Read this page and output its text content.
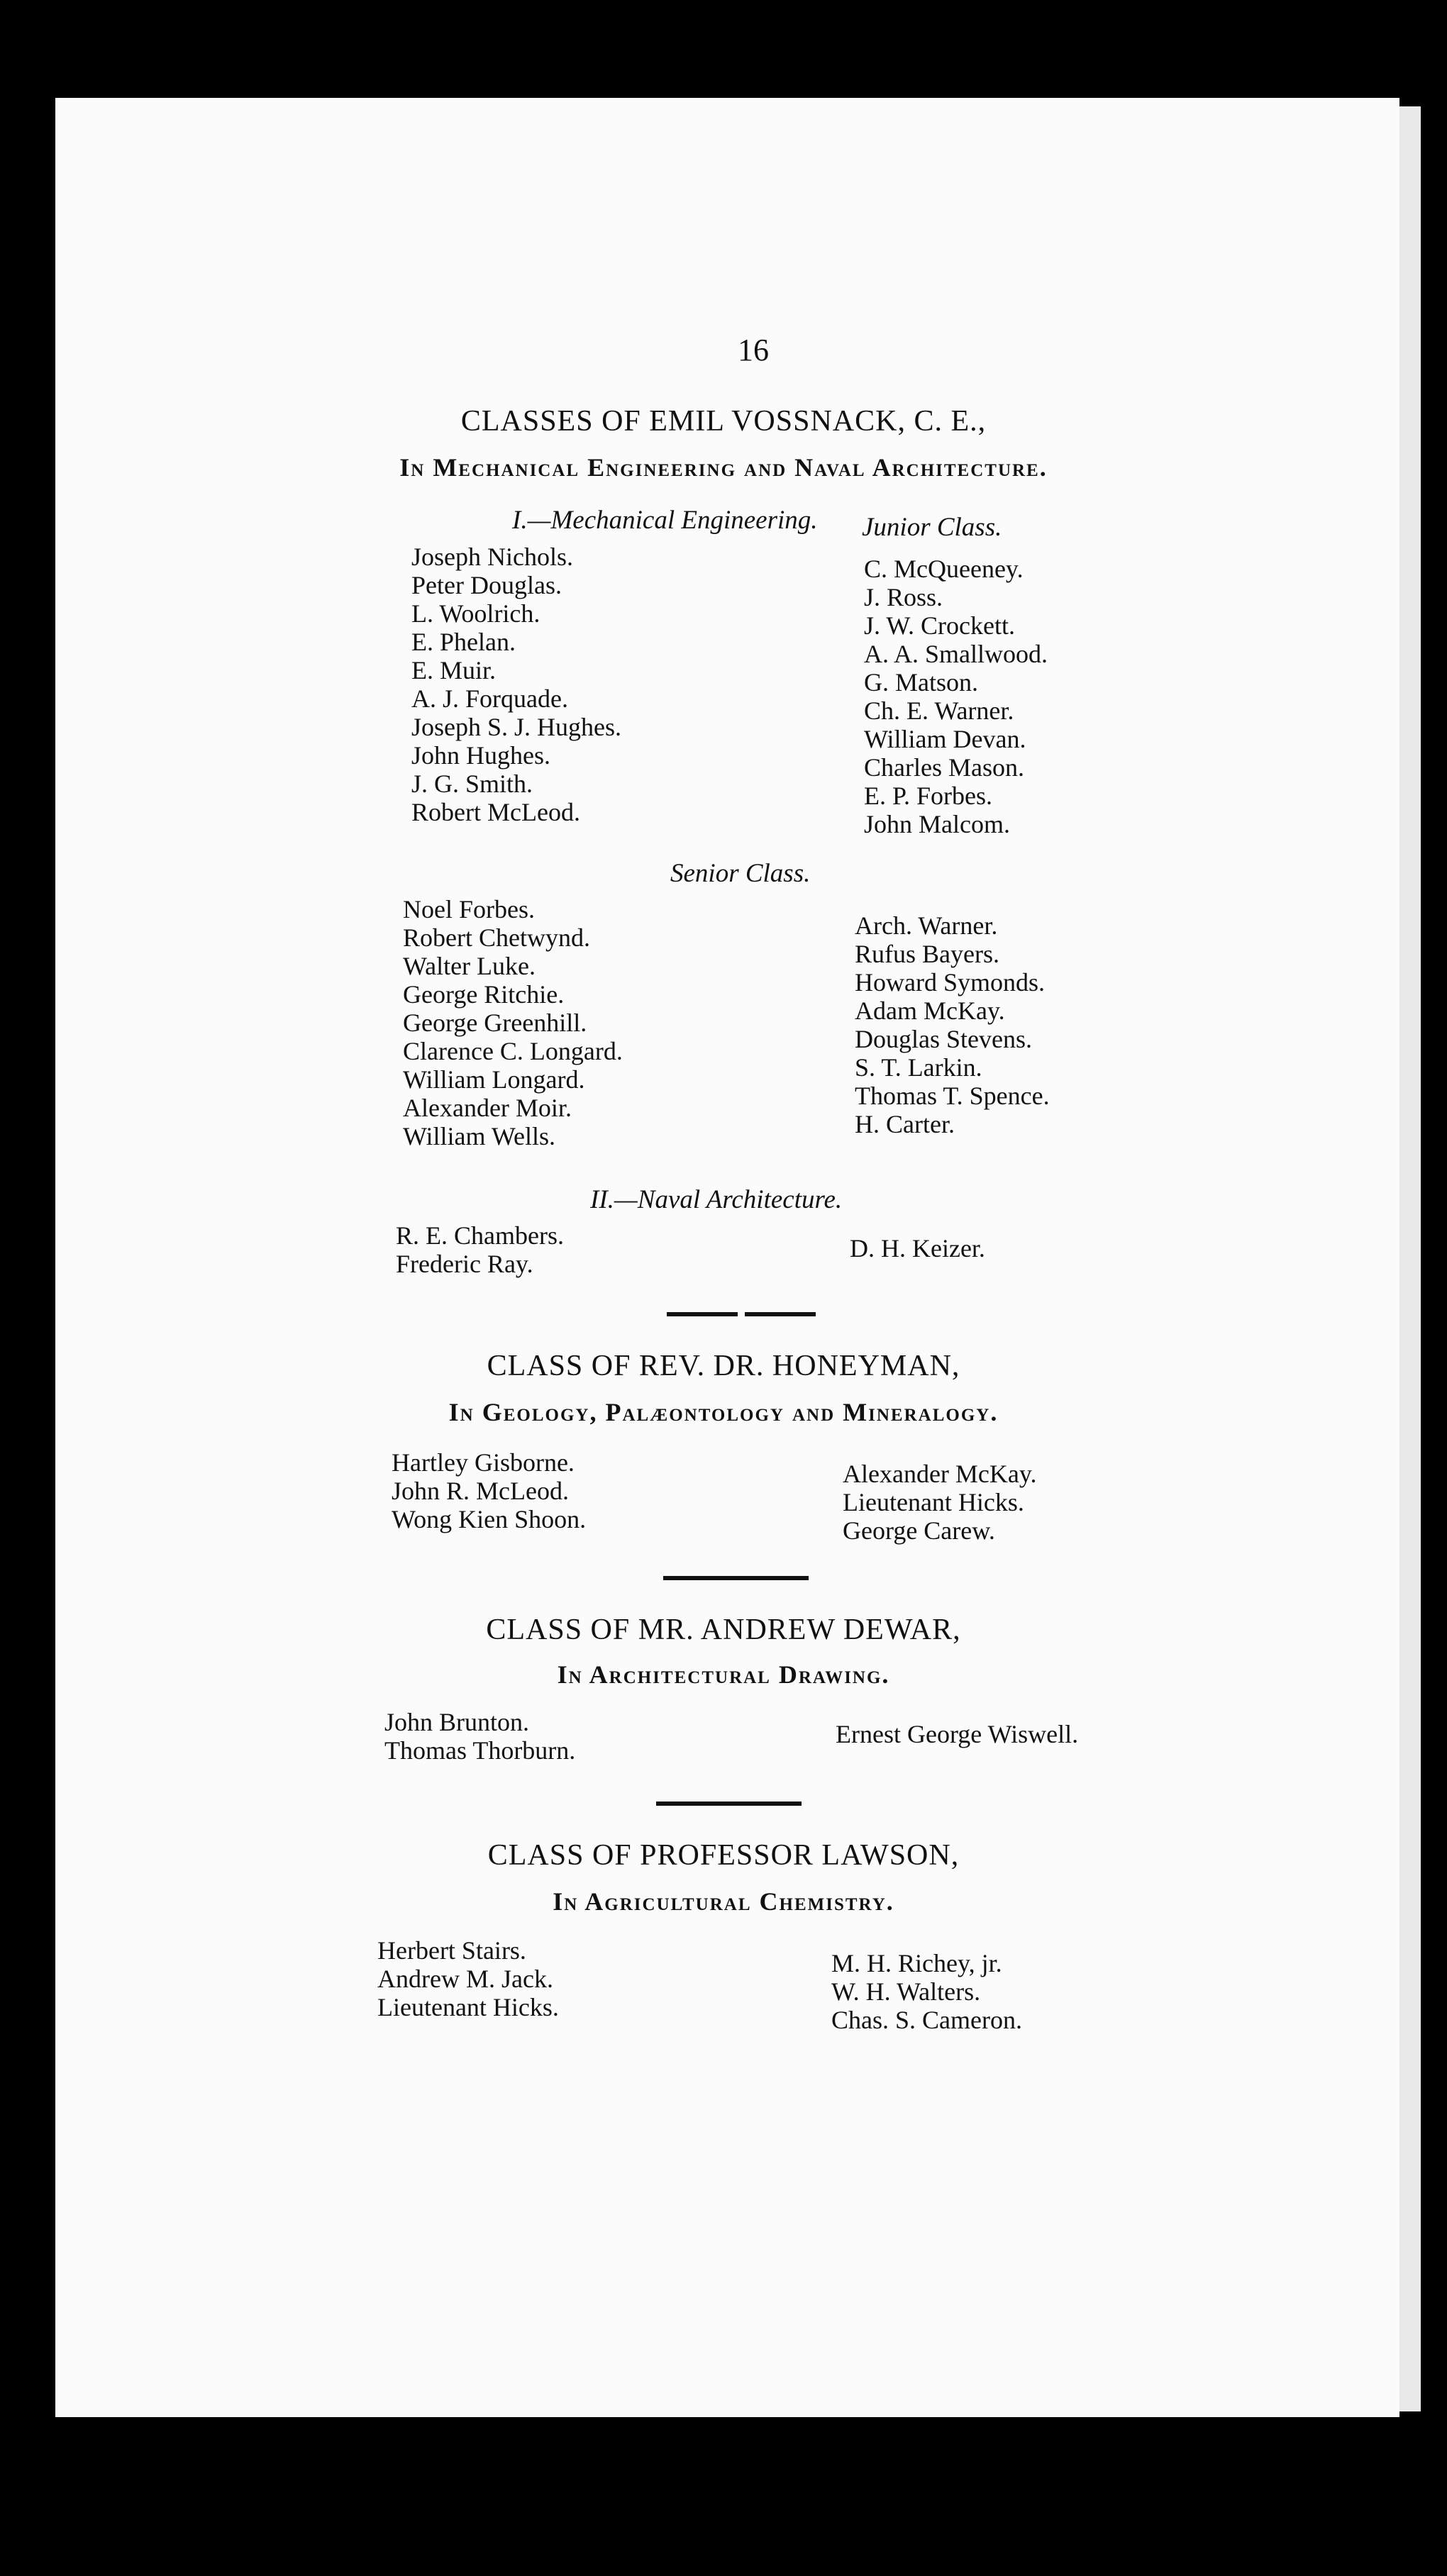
16
CLASSES OF EMIL VOSSNACK, C. E.,
In Mechanical Engineering and Naval Architecture.
I.—Mechanical Engineering. Junior Class.
Joseph Nichols.
Peter Douglas.
L. Woolrich.
E. Phelan.
E. Muir.
A. J. Forquade.
Joseph S. J. Hughes.
John Hughes.
J. G. Smith.
Robert McLeod.
C. McQueeney.
J. Ross.
J. W. Crockett.
A. A. Smallwood.
G. Matson.
Ch. E. Warner.
William Devan.
Charles Mason.
E. P. Forbes.
John Malcom.
Senior Class.
Noel Forbes.
Robert Chetwynd.
Walter Luke.
George Ritchie.
George Greenhill.
Clarence C. Longard.
William Longard.
Alexander Moir.
William Wells.
Arch. Warner.
Rufus Bayers.
Howard Symonds.
Adam McKay.
Douglas Stevens.
S. T. Larkin.
Thomas T. Spence.
H. Carter.
II.—Naval Architecture.
R. E. Chambers.
Frederic Ray.
D. H. Keizer.
CLASS OF REV. DR. HONEYMAN,
In Geology, Palæontology and Mineralogy.
Hartley Gisborne.
John R. McLeod.
Wong Kien Shoon.
Alexander McKay.
Lieutenant Hicks.
George Carew.
CLASS OF MR. ANDREW DEWAR,
In Architectural Drawing.
John Brunton.
Thomas Thorburn.
Ernest George Wiswell.
CLASS OF PROFESSOR LAWSON,
In Agricultural Chemistry.
Herbert Stairs.
Andrew M. Jack.
Lieutenant Hicks.
M. H. Richey, jr.
W. H. Walters.
Chas. S. Cameron.
